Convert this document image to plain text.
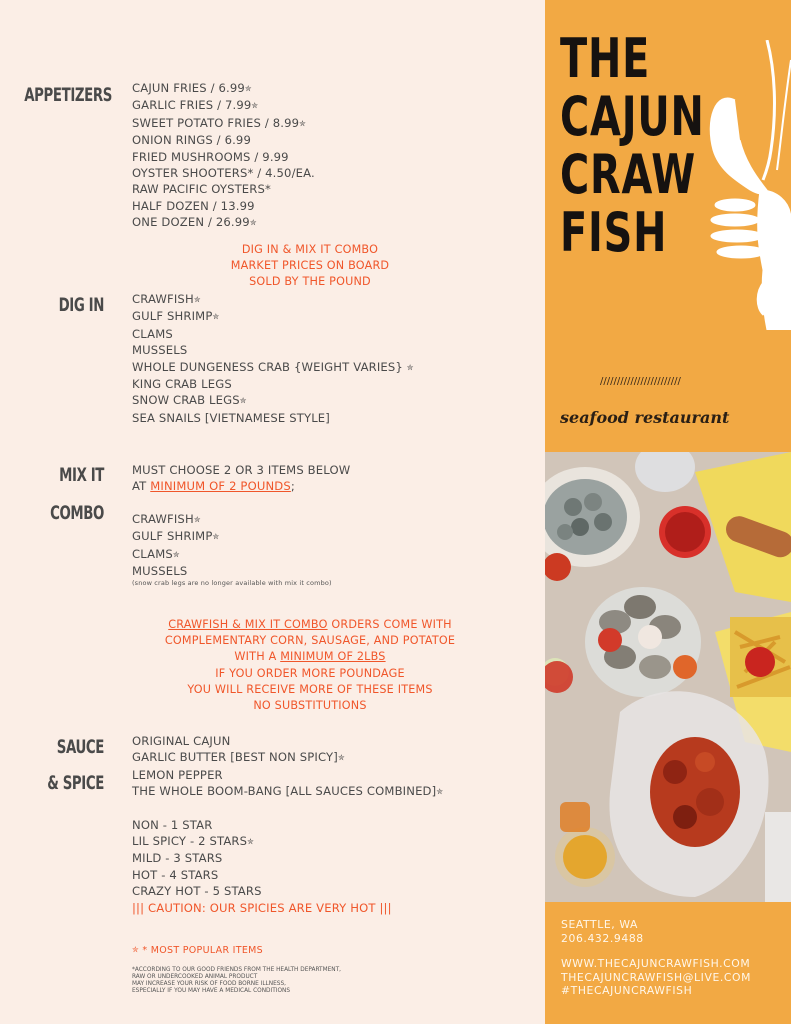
APPETIZERS CAJUN FRIES / 6.99✮
GARLIC FRIES / 7.99✮
SWEET POTATO FRIES / 8.99✮
ONION RINGS / 6.99
FRIED MUSHROOMS / 9.99
OYSTER SHOOTERS* / 4.50/EA.
RAW PACIFIC OYSTERS*
HALF DOZEN / 13.99
ONE DOZEN / 26.99✮
DIG IN & MIX IT COMBO
MARKET PRICES ON BOARD
SOLD BY THE POUND
DIG IN CRAWFISH✮
GULF SHRIMP✮
CLAMS
MUSSELS
WHOLE DUNGENESS CRAB {WEIGHT VARIES} ✮
KING CRAB LEGS
SNOW CRAB LEGS✮
SEA SNAILS [VIETNAMESE STYLE]
MIX IT
COMBO
MUST CHOOSE 2 OR 3 ITEMS BELOW
AT MINIMUM OF 2 POUNDS;
CRAWFISH✮
GULF SHRIMP✮
CLAMS✮
MUSSELS
(snow crab legs are no longer available with mix it combo)
CRAWFISH & MIX IT COMBO ORDERS COME WITH
COMPLEMENTARY CORN, SAUSAGE, AND POTATOE
WITH A MINIMUM OF 2LBS
IF YOU ORDER MORE POUNDAGE
YOU WILL RECEIVE MORE OF THESE ITEMS
NO SUBSTITUTIONS
SAUCE
& SPICE
ORIGINAL CAJUN
GARLIC BUTTER [BEST NON SPICY]✮
LEMON PEPPER
THE WHOLE BOOM-BANG [ALL SAUCES COMBINED]✮
NON - 1 STAR
LIL SPICY - 2 STARS✮
MILD - 3 STARS
HOT - 4 STARS
CRAZY HOT - 5 STARS
||| CAUTION: OUR SPICIES ARE VERY HOT |||
✮ * MOST POPULAR ITEMS
*ACCORDING TO OUR GOOD FRIENDS FROM THE HEALTH DEPARTMENT,
RAW OR UNDERCOOKED ANIMAL PRODUCT
MAY INCREASE YOUR RISK OF FOOD BORNE ILLNESS,
ESPECIALLY IF YOU MAY HAVE A MEDICAL CONDITIONS
THE
CAJUN
CRAW
FISH
////////////////////////
seafood restaurant
SEATTLE, WA
206.432.9488
WWW.THECAJUNCRAWFISH.COM
THECAJUNCRAWFISH@LIVE.COM
#THECAJUNCRAWFISH
